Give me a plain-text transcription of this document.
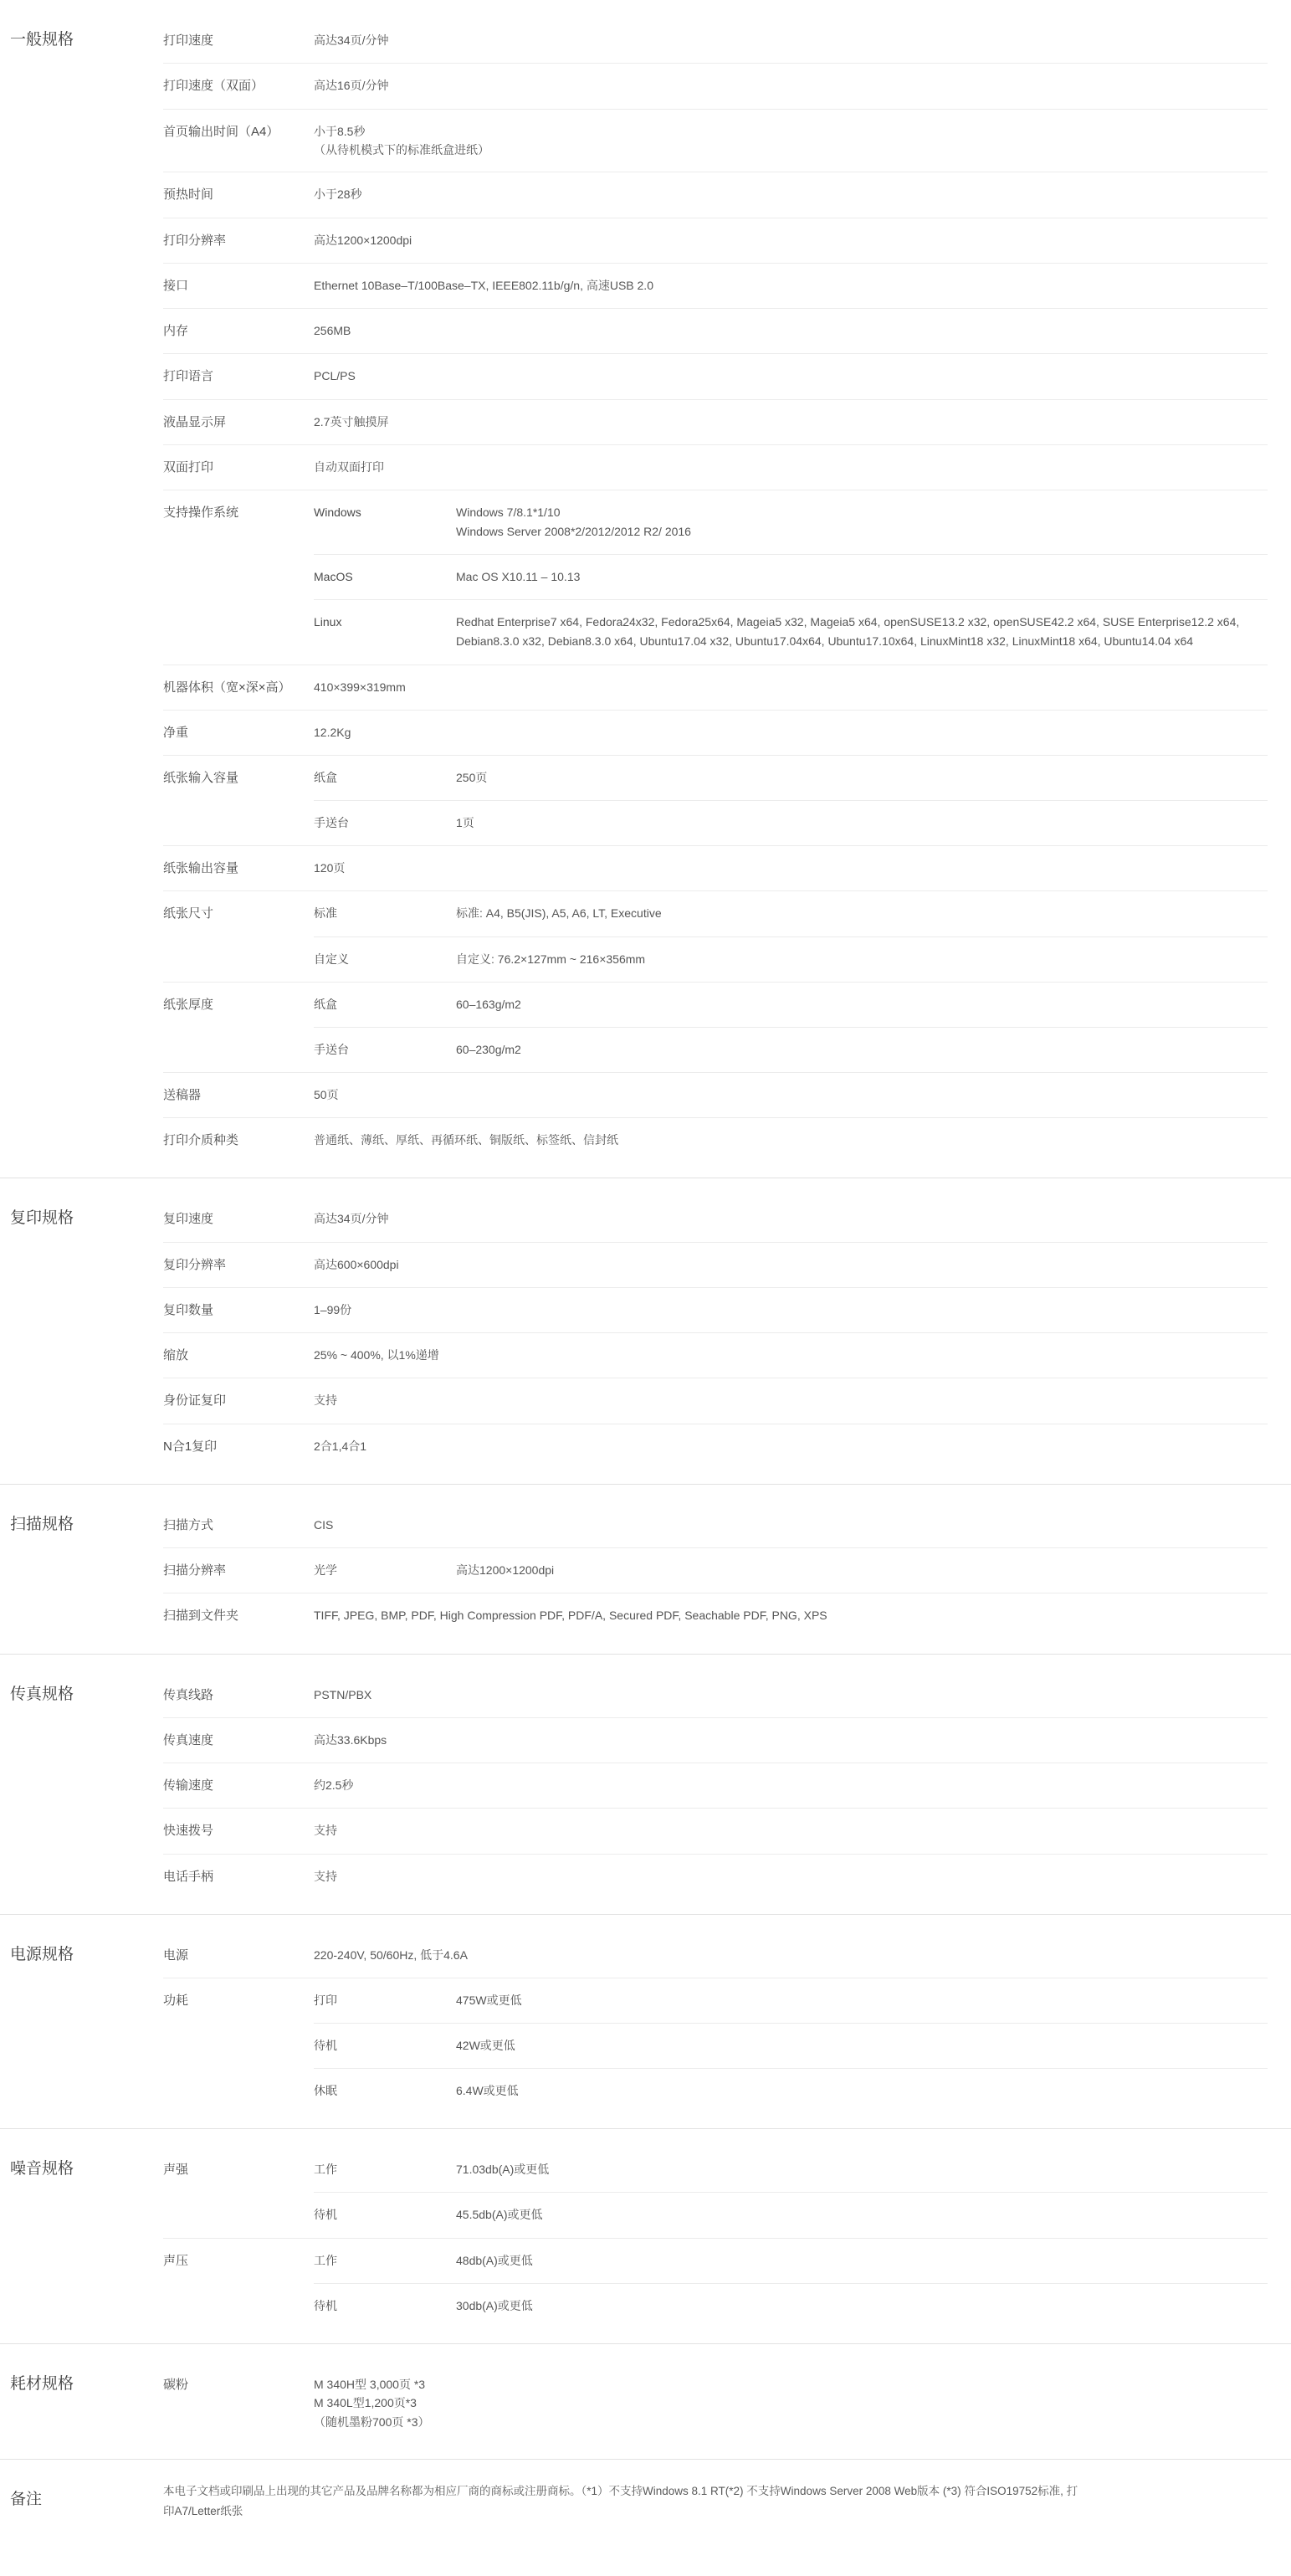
一般规格	打印速度	高达34页/分钟
打印速度（双面）	高达16页/分钟
首页输出时间（A4）	小于8.5秒
（从待机模式下的标准纸盒进纸）
预热时间	小于28秒
打印分辨率	高达1200×1200dpi
接口	Ethernet 10Base–T/100Base–TX, IEEE802.11b/g/n, 高速USB 2.0
内存	256MB
打印语言	PCL/PS
液晶显示屏	2.7英寸触摸屏
双面打印	自动双面打印
支持操作系统	Windows	Windows 7/8.1*1/10
Windows Server 2008*2/2012/2012 R2/ 2016
MacOS	Mac OS X10.11 – 10.13
Linux	Redhat Enterprise7 x64, Fedora24x32, Fedora25x64, Mageia5 x32, Mageia5 x64, openSUSE13.2 x32, openSUSE42.2 x64, SUSE Enterprise12.2 x64, Debian8.3.0 x32, Debian8.3.0 x64, Ubuntu17.04 x32, Ubuntu17.04x64, Ubuntu17.10x64, LinuxMint18 x32, LinuxMint18 x64, Ubuntu14.04 x64
机器体积（宽×深×高）	410×399×319mm
净重	12.2Kg
纸张输入容量	纸盒	250页
手送台	1页
纸张输出容量	120页
纸张尺寸	标准	标准: A4, B5(JIS), A5, A6, LT, Executive
自定义	自定义: 76.2×127mm ~ 216×356mm
纸张厚度	纸盒	60–163g/m2
手送台	60–230g/m2
送稿器	50页
打印介质种类	普通纸、薄纸、厚纸、再循环纸、铜版纸、标签纸、信封纸
复印规格	复印速度	高达34页/分钟
复印分辨率	高达600×600dpi
复印数量	1–99份
缩放	25% ~ 400%, 以1%递增
身份证复印	支持
N合1复印	2合1,4合1
扫描规格	扫描方式	CIS
扫描分辨率	光学	高达1200×1200dpi
扫描到文件夹	TIFF, JPEG, BMP, PDF, High Compression PDF, PDF/A, Secured PDF, Seachable PDF, PNG, XPS
传真规格	传真线路	PSTN/PBX
传真速度	高达33.6Kbps
传输速度	约2.5秒
快速拨号	支持
电话手柄	支持
电源规格	电源	220-240V, 50/60Hz, 低于4.6A
功耗	打印	475W或更低
待机	42W或更低
休眠	6.4W或更低
噪音规格	声强	工作	71.03db(A)或更低
待机	45.5db(A)或更低
声压	工作	48db(A)或更低
待机	30db(A)或更低
耗材规格	碳粉	M 340H型 3,000页 *3
M 340L型1,200页*3
（随机墨粉700页 *3）
备注	本电子文档或印刷品上出现的其它产品及品牌名称都为相应厂商的商标或注册商标。（*1）不支持Windows 8.1 RT(*2) 不支持Windows Server 2008 Web版本 (*3) 符合ISO19752标准, 打
印A7/Letter纸张
